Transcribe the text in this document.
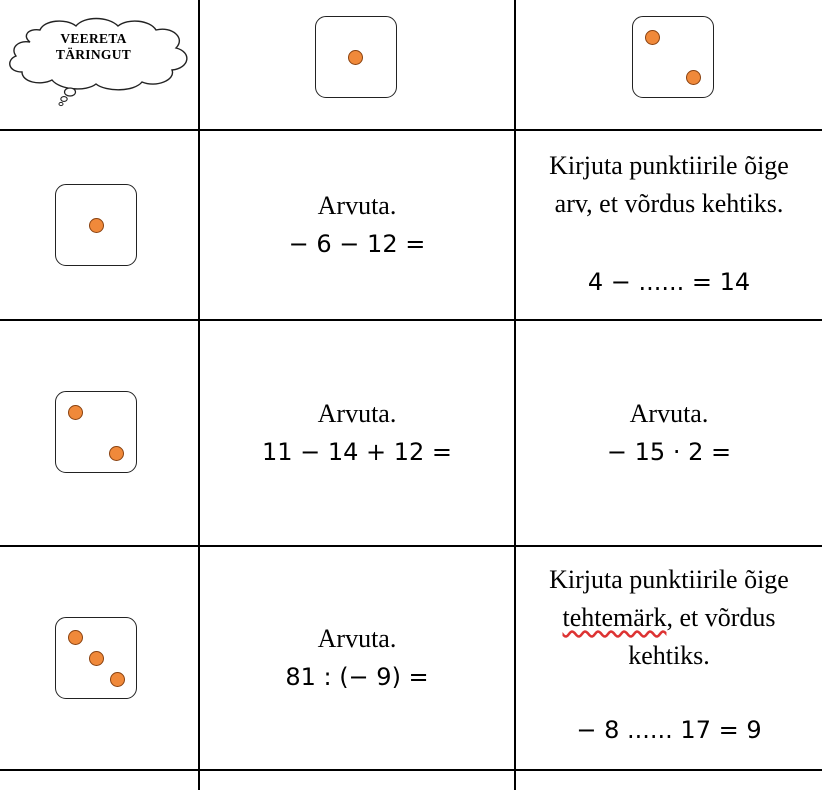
VEERETA
TÄRINGUT
Arvuta.
− 6 − 12 =
Kirjuta punktiirile õige
arv, et võrdus kehtiks.
4 − ...... = 14
Arvuta.
11 − 14 + 12 =
Arvuta.
− 15 · 2 =
Arvuta.
81 : (− 9) =
Kirjuta punktiirile õige
tehtemärk, et võrdus
kehtiks.
− 8 ...... 17 = 9
